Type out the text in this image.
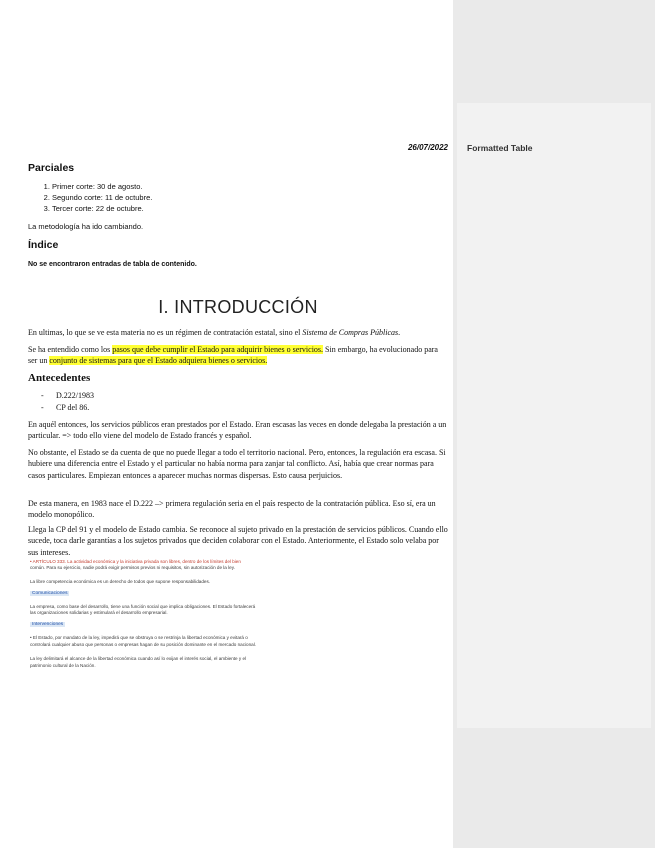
26/07/2022

Parciales

1. Primer corte: 30 de agosto.
2. Segundo corte: 11 de octubre.
3. Tercer corte: 22 de octubre.

La metodología ha ido cambiando.

Índice

No se encontraron entradas de tabla de contenido.

I. INTRODUCCIÓN

En ultimas, lo que se ve esta materia no es un régimen de contratación estatal, sino el Sistema de Compras Públicas.

Se ha entendido como los pasos que debe cumplir el Estado para adquirir bienes o servicios. Sin embargo, ha evolucionado para ser un conjunto de sistemas para que el Estado adquiera bienes o servicios.

Antecedentes

- D.222/1983
- CP del 86.

En aquél entonces, los servicios públicos eran prestados por el Estado. Eran escasas las veces en donde delegaba la prestación a un particular. => todo ello viene del modelo de Estado francés y español.

No obstante, el Estado se da cuenta de que no puede llegar a todo el territorio nacional. Pero, entonces, la regulación era escasa. Si hubiere una diferencia entre el Estado y el particular no había norma para zanjar tal conflicto. Así, había que crear normas para casos particulares. Empiezan entonces a aparecer muchas normas dispersas. Esto causa perjuicios.

De esta manera, en 1983 nace el D.222 –> primera regulación seria en el país respecto de la contratación pública. Eso sí, era un modelo monopólico.

Llega la CP del 91 y el modelo de Estado cambia. Se reconoce al sujeto privado en la prestación de servicios públicos. Cuando ello sucede, toca darle garantías a los sujetos privados que deciden colaborar con el Estado. Anteriormente, el Estado solo velaba por sus intereses.

• ARTÍCULO 333. La actividad económica y la iniciativa privada son libres, dentro de los límites del bien
común. Para su ejercicio, nadie podrá exigir permisos previos ni requisitos, sin autorización de la ley.
La libre competencia económica es un derecho de todos que supone responsabilidades.
Comunicaciones
La empresa, como base del desarrollo, tiene una función social que implica obligaciones. El Estado fortalecerá
las organizaciones solidarias y estimulará el desarrollo empresarial.
Intervenciones
• El Estado, por mandato de la ley, impedirá que se obstruya o se restrinja la libertad económica y evitará o
controlará cualquier abuso que personas o empresas hagan de su posición dominante en el mercado nacional.
La ley delimitará el alcance de la libertad económica cuando así lo exijan el interés social, el ambiente y el
patrimonio cultural de la Nación.
Formatted Table
